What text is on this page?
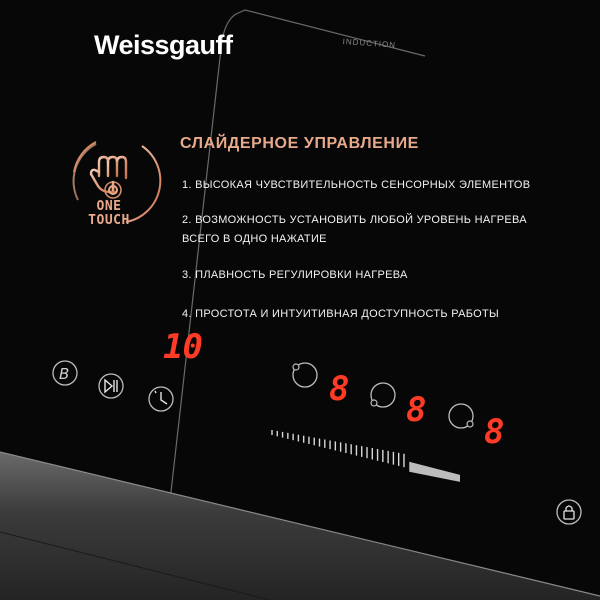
Weissgauff	INDUCTION
ONE
TOUCH
СЛАЙДЕРНОЕ УПРАВЛЕНИЕ
1. ВЫСОКАЯ ЧУВСТВИТЕЛЬНОСТЬ СЕНСОРНЫХ ЭЛЕМЕНТОВ
2. ВОЗМОЖНОСТЬ УСТАНОВИТЬ ЛЮБОЙ УРОВЕНЬ НАГРЕВА
ВСЕГО В ОДНО НАЖАТИЕ
3. ПЛАВНОСТЬ РЕГУЛИРОВКИ НАГРЕВА
4. ПРОСТОТА И ИНТУИТИВНАЯ ДОСТУПНОСТЬ РАБОТЫ
10
B	8
8
8
